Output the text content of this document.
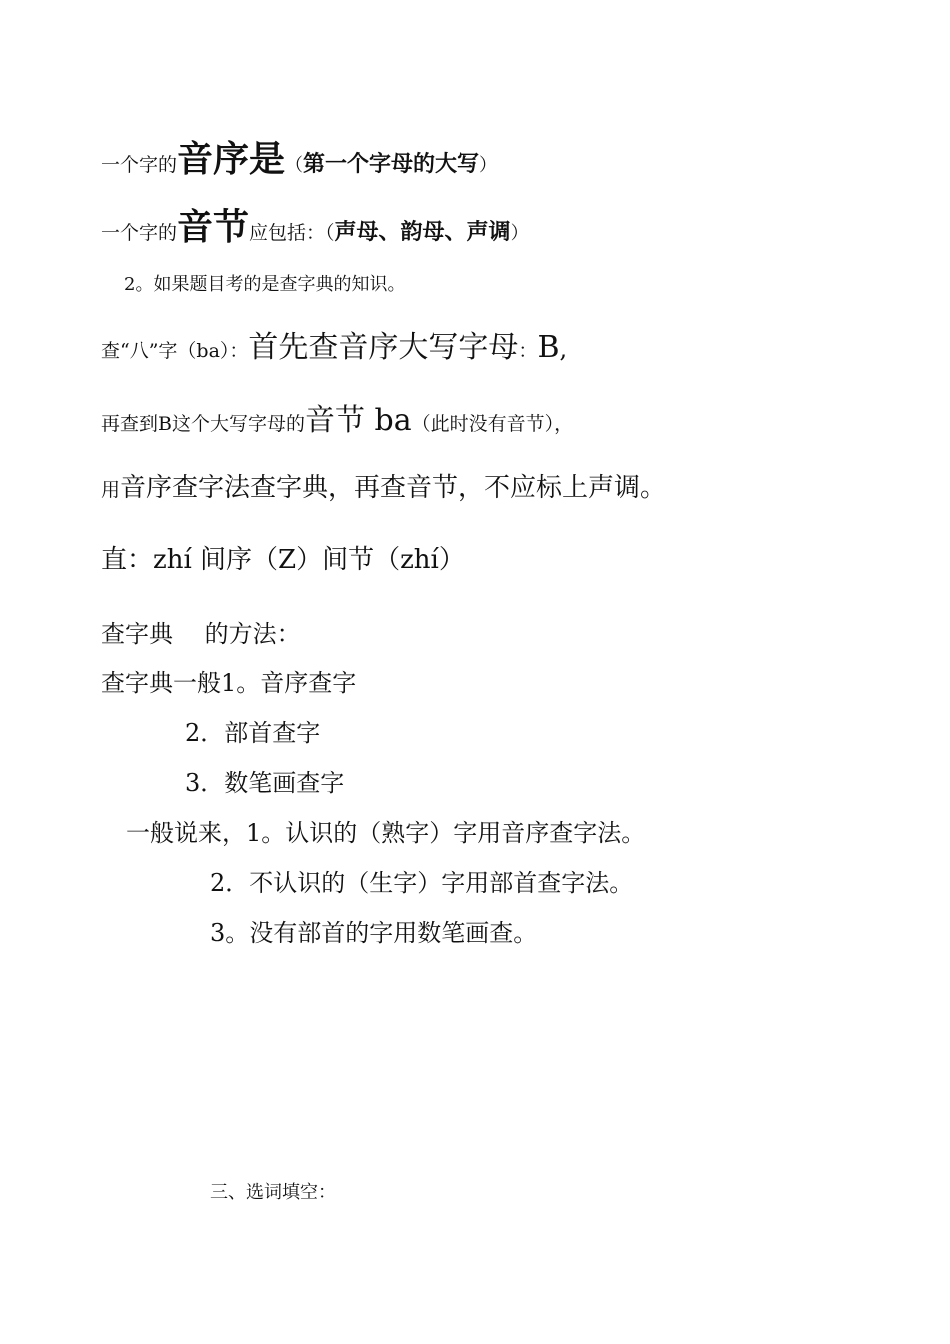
一个字的音序是（第一个字母的大写）
一个字的音节应包括：（声母、韵母、声调）
2。如果题目考的是查字典的知识。
查“八”字（ba）：首先查音序大写字母：B,
再查到B这个大写字母的音节 ba（此时没有音节），
用音序查字法查字典，再查音节，不应标上声调。
直：zhí 间序（Z）间节（zhí）
查字典　 的方法：
查字典一般1。音序查字
2．部首查字
3．数笔画查字
一般说来，1。认识的（熟字）字用音序查字法。
2．不认识的（生字）字用部首查字法。
3。没有部首的字用数笔画查。
三、选词填空：
